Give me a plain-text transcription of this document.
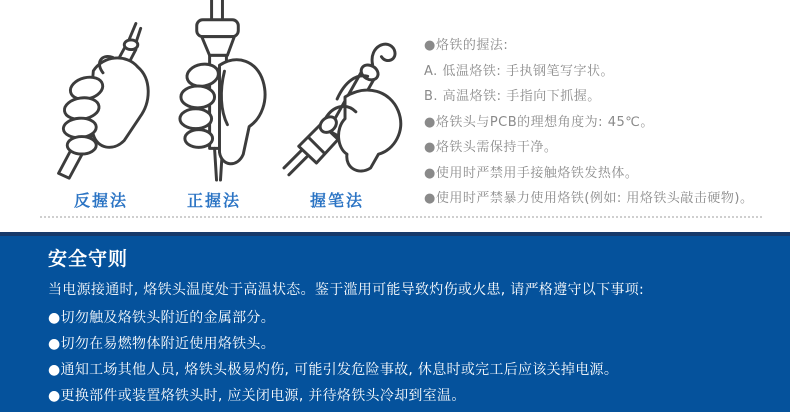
反握法	正握法	握笔法
●烙铁的握法:
A. 低温烙铁: 手执钢笔写字状。
B. 高温烙铁: 手指向下抓握。
●烙铁头与PCB的理想角度为: 45℃。
●烙铁头需保持干净。
●使用时严禁用手接触烙铁发热体。
●使用时严禁暴力使用烙铁(例如: 用烙铁头敲击硬物)。
安全守则
当电源接通时, 烙铁头温度处于高温状态。鉴于滥用可能导致灼伤或火患, 请严格遵守以下事项:
●切勿触及烙铁头附近的金属部分。
●切勿在易燃物体附近使用烙铁头。
●通知工场其他人员, 烙铁头极易灼伤, 可能引发危险事故, 休息时或完工后应该关掉电源。
●更换部件或装置烙铁头时, 应关闭电源, 并待烙铁头冷却到室温。
